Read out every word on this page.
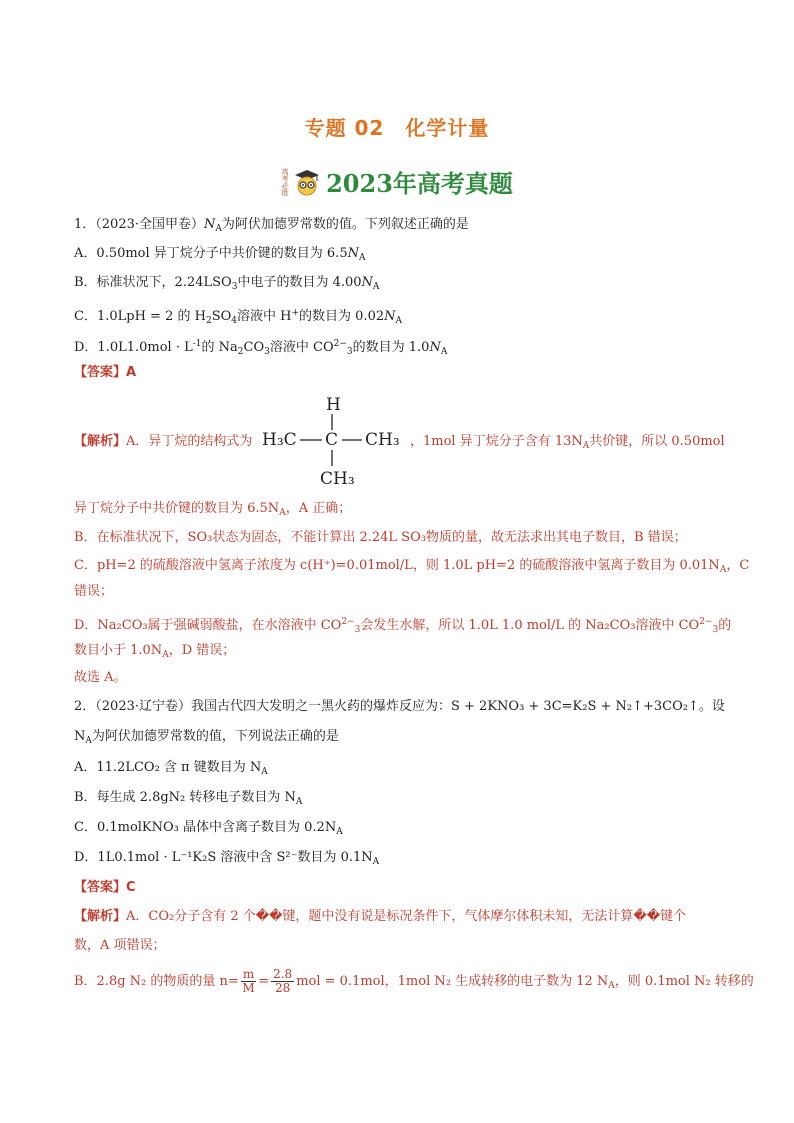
专题 02　化学计量
高考必胜 2023年高考真题
1．（2023·全国甲卷）$N_A$为阿伏加德罗常数的值。下列叙述正确的是
A．0.50mol 异丁烷分子中共价键的数目为 $6.5N_A$
B．标准状况下，$2.24LSO_3$中电子的数目为 $4.00N_A$
C．1.0LpH = 2 的 $H_2SO_4$溶液中 H+的数目为 $0.02N_A$
D．$1.0L1.0mol \cdot L^{-1}$的 $Na_2CO_3$溶液中 $CO^{2-}_3$的数目为 $1.0N_A$
【答案】A
H
H₃C C CH₃
CH₃
【解析】A．异丁烷的结构式为	，1mol 异丁烷分子含有 $13N_A$共价键，所以 0.50mol
异丁烷分子中共价键的数目为 $6.5N_A$，A 正确；
B．在标准状况下，SO₃状态为固态，不能计算出 2.24L SO₃物质的量，故无法求出其电子数目，B 错误；
C．pH=2 的硫酸溶液中氢离子浓度为 c(H⁺)=0.01mol/L，则 1.0L pH=2 的硫酸溶液中氢离子数目为 $0.01N_A$，C
错误；
D．Na₂CO₃属于强碱弱酸盐，在水溶液中 $CO^{2-}_3$会发生水解，所以 1.0L 1.0 mol/L 的 Na₂CO₃溶液中 $CO^{2-}_3$的
数目小于 $1.0N_A$，D 错误；
故选 A。
2．（2023·辽宁卷）我国古代四大发明之一黑火药的爆炸反应为：S + 2KNO₃ + 3C=K₂S + N₂↑+3CO₂↑。设
$N_A$为阿伏加德罗常数的值，下列说法正确的是
A．11.2LCO₂ 含 π 键数目为 $N_A$
B．每生成 2.8gN₂ 转移电子数目为 $N_A$
C．0.1molKNO₃ 晶体中含离子数目为 $0.2N_A$
D．1L0.1mol · L⁻¹K₂S 溶液中含 S²⁻数目为 $0.1N_A$
【答案】C
【解析】A．CO₂分子含有 2 个��键，题中没有说是标况条件下，气体摩尔体积未知，无法计算��键个
数，A 项错误；
B．2.8g N₂ 的物质的量 $n= \frac{m}{M} = \frac{2.8}{28}$ mol = 0.1mol，1mol N₂ 生成转移的电子数为 12 $N_A$，则 0.1mol N₂ 转移的
